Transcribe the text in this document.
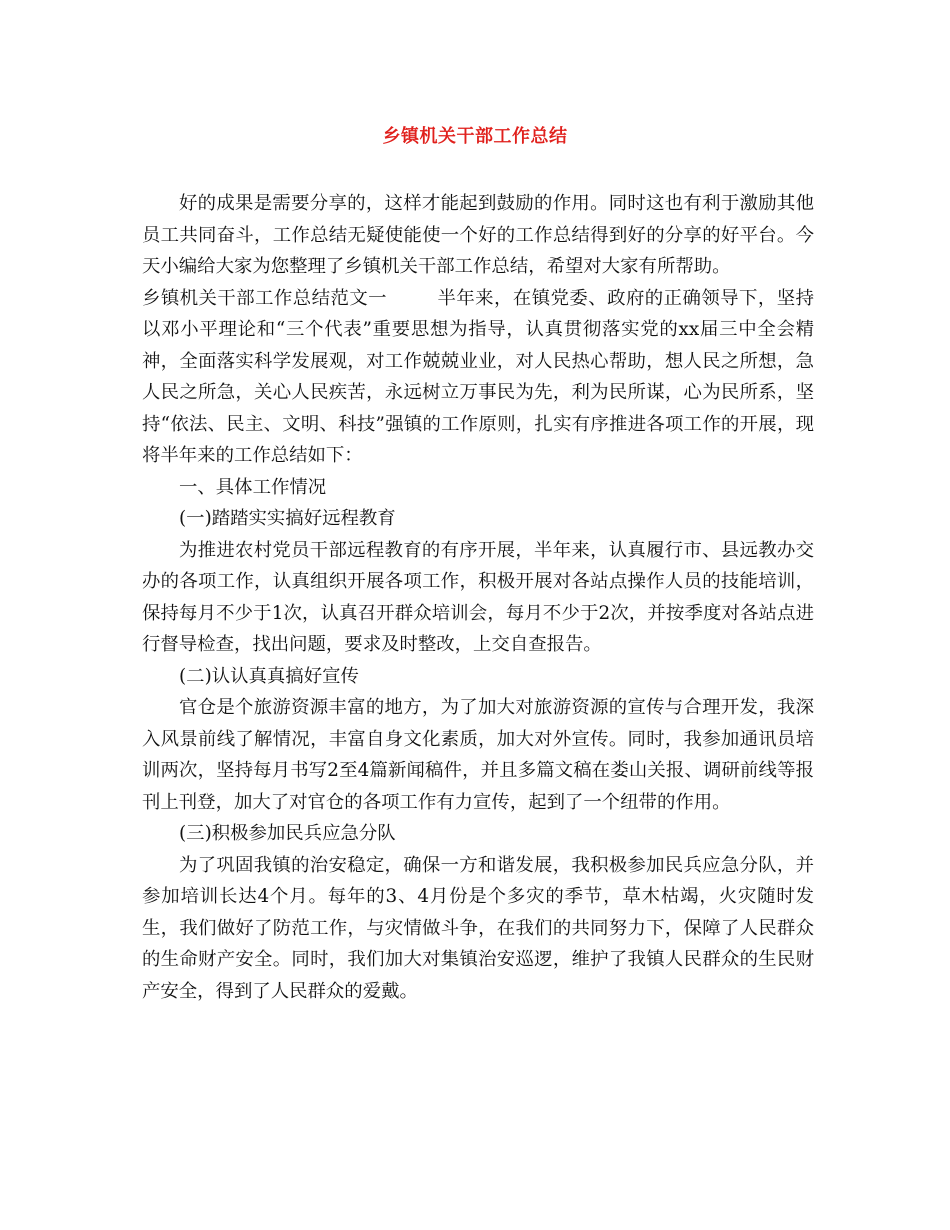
乡镇机关干部工作总结

好的成果是需要分享的，这样才能起到鼓励的作用。同时这也有利于激励其他员工共同奋斗，工作总结无疑使能使一个好的工作总结得到好的分享的好平台。今天小编给大家为您整理了乡镇机关干部工作总结，希望对大家有所帮助。

乡镇机关干部工作总结范文一	半年来，在镇党委、政府的正确领导下，坚持以邓小平理论和“三个代表”重要思想为指导，认真贯彻落实党的xx届三中全会精神，全面落实科学发展观，对工作兢兢业业，对人民热心帮助，想人民之所想，急人民之所急，关心人民疾苦，永远树立万事民为先，利为民所谋，心为民所系，坚持“依法、民主、文明、科技”强镇的工作原则，扎实有序推进各项工作的开展，现将半年来的工作总结如下：

一、具体工作情况

(一)踏踏实实搞好远程教育

为推进农村党员干部远程教育的有序开展，半年来，认真履行市、县远教办交办的各项工作，认真组织开展各项工作，积极开展对各站点操作人员的技能培训，保持每月不少于1次，认真召开群众培训会，每月不少于2次，并按季度对各站点进行督导检查，找出问题，要求及时整改，上交自查报告。

(二)认认真真搞好宣传

官仓是个旅游资源丰富的地方，为了加大对旅游资源的宣传与合理开发，我深入风景前线了解情况，丰富自身文化素质，加大对外宣传。同时，我参加通讯员培训两次，坚持每月书写2至4篇新闻稿件，并且多篇文稿在娄山关报、调研前线等报刊上刊登，加大了对官仓的各项工作有力宣传，起到了一个纽带的作用。

(三)积极参加民兵应急分队

为了巩固我镇的治安稳定，确保一方和谐发展，我积极参加民兵应急分队，并参加培训长达4个月。每年的3、4月份是个多灾的季节，草木枯竭，火灾随时发生，我们做好了防范工作，与灾情做斗争，在我们的共同努力下，保障了人民群众的生命财产安全。同时，我们加大对集镇治安巡逻，维护了我镇人民群众的生民财产安全，得到了人民群众的爱戴。
